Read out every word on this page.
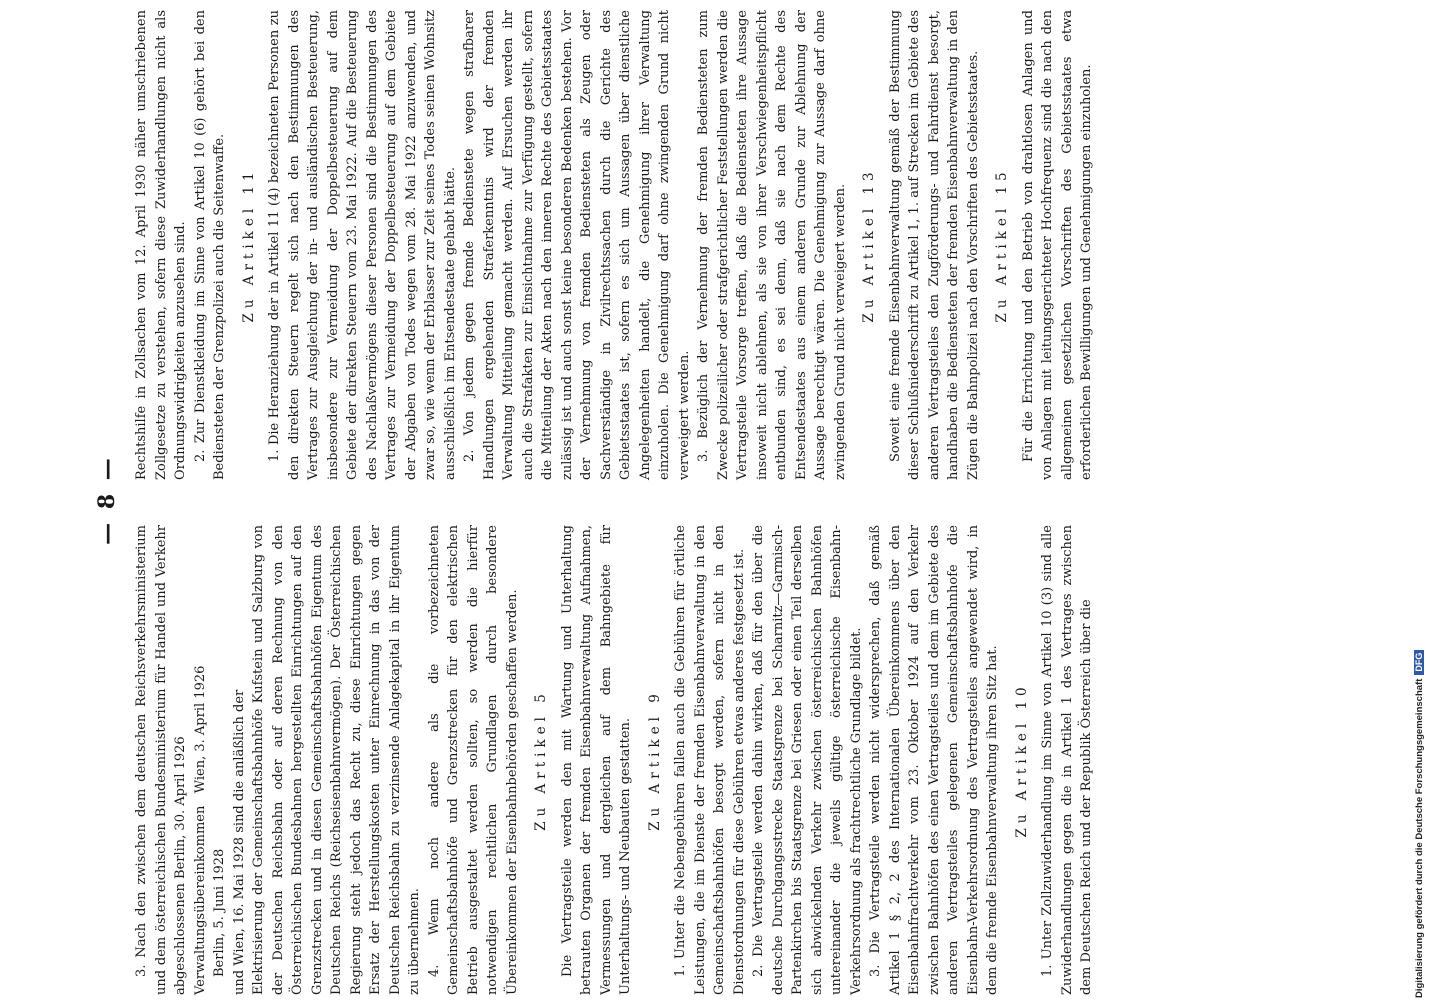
— 8 —

3. Nach den zwischen dem deutschen Reichsverkehrsministerium und dem österreichischen Bundesministerium für Handel und Verkehr abgeschlossenen Berlin, 30. April 1926 Verwaltungsübereinkommen   Wien, 3. April 1926

Berlin, 5. Juni 1928

und Wien, 16. Mai 1928 sind die anläßlich der Elektrisierung der Gemeinschaftsbahnhöfe Kufstein und Salzburg von der Deutschen Reichsbahn oder auf deren Rechnung von den Österreichischen Bundesbahnen hergestellten Einrichtungen auf den Grenzstrecken und in diesen Gemeinschaftsbahnhöfen Eigentum des Deutschen Reichs (Reichseisenbahnvermögen). Der Österreichischen Regierung steht jedoch das Recht zu, diese Einrichtungen gegen Ersatz der Herstellungskosten unter Einrechnung in das von der Deutschen Reichsbahn zu verzinsende Anlagekapital in ihr Eigentum zu übernehmen. 4. Wenn noch andere als die vorbezeichneten Gemeinschaftsbahnhöfe und Grenzstrecken für den elektrischen Betrieb ausgestaltet werden sollten, so werden die hierfür notwendigen rechtlichen Grundlagen durch besondere Übereinkommen der Eisenbahnbehörden geschaffen werden. Zu Artikel 5 Die Vertragsteile werden den mit Wartung und Unterhaltung betrauten Organen der fremden Eisenbahnverwaltung Aufnahmen, Vermessungen und dergleichen auf dem Bahngebiete für Unterhaltungs- und Neubauten gestatten. Zu Artikel 9 1. Unter die Nebengebühren fallen auch die Gebühren für örtliche Leistungen, die im Dienste der fremden Eisenbahnverwaltung in den Gemeinschaftsbahnhöfen besorgt werden, sofern nicht in den Dienstordnungen für diese Gebühren etwas anderes festgesetzt ist. 2. Die Vertragsteile werden dahin wirken, daß für den über die deutsche Durchgangsstrecke Staatsgrenze bei Scharnitz—Garmisch-Partenkirchen bis Staatsgrenze bei Griesen oder einen Teil derselben sich abwickelnden Verkehr zwischen österreichischen Bahnhöfen untereinander die jeweils gültige österreichische Eisenbahn-Verkehrsordnung als frachtrechtliche Grundlage bildet. 3. Die Vertragsteile werden nicht widersprechen, daß gemäß Artikel 1 § 2, 2 des Internationalen Übereinkommens über den Eisenbahnfrachtverkehr vom 23. Oktober 1924 auf den Verkehr zwischen Bahnhöfen des einen Vertragsteiles und dem im Gebiete des anderen Vertragsteiles gelegenen Gemeinschaftsbahnhofe die Eisenbahn-Verkehrsordnung des Vertragsteiles angewendet wird, in dem die fremde Eisenbahnverwaltung ihren Sitz hat. Zu Artikel 10 1. Unter Zollzuwiderhandlung im Sinne von Artikel 10 (3) sind alle Zuwiderhandlungen gegen die in Artikel 1 des Vertrages zwischen dem Deutschen Reich und der Republik Österreich über die

Rechtshilfe in Zollsachen vom 12. April 1930 näher umschriebenen Zollgesetze zu verstehen, sofern diese Zuwiderhandlungen nicht als Ordnungswidrigkeiten anzusehen sind. 2. Zur Dienstkleidung im Sinne von Artikel 10 (6) gehört bei den Bediensteten der Grenzpolizei auch die Seitenwaffe. Zu Artikel 11 1. Die Heranziehung der in Artikel 11 (4) bezeichneten Personen zu den direkten Steuern regelt sich nach den Bestimmungen des Vertrages zur Ausgleichung der in- und ausländischen Besteuerung, insbesondere zur Vermeidung der Doppelbesteuerung auf dem Gebiete der direkten Steuern vom 23. Mai 1922. Auf die Besteuerung des Nachlaßvermögens dieser Personen sind die Bestimmungen des Vertrages zur Vermeidung der Doppelbesteuerung auf dem Gebiete der Abgaben von Todes wegen vom 28. Mai 1922 anzuwenden, und zwar so, wie wenn der Erblasser zur Zeit seines Todes seinen Wohnsitz ausschließlich im Entsendestaate gehabt hätte. 2. Von jedem gegen fremde Bedienstete wegen strafbarer Handlungen ergehenden Straferkenntnis wird der fremden Verwaltung Mitteilung gemacht werden. Auf Ersuchen werden ihr auch die Strafakten zur Einsichtnahme zur Verfügung gestellt, sofern die Mitteilung der Akten nach den inneren Rechte des Gebietsstaates zulässig ist und auch sonst keine besonderen Bedenken bestehen. Vor der Vernehmung von fremden Bediensteten als Zeugen oder Sachverständige in Zivilrechtssachen durch die Gerichte des Gebietsstaates ist, sofern es sich um Aussagen über dienstliche Angelegenheiten handelt, die Genehmigung ihrer Verwaltung einzuholen. Die Genehmigung darf ohne zwingenden Grund nicht verweigert werden. 3. Bezüglich der Vernehmung der fremden Bediensteten zum Zwecke polizeilicher oder strafgerichtlicher Feststellungen werden die Vertragsteile Vorsorge treffen, daß die Bediensteten ihre Aussage insoweit nicht ablehnen, als sie von ihrer Verschwiegenheitspflicht entbunden sind, es sei denn, daß sie nach dem Rechte des Entsendestaates aus einem anderen Grunde zur Ablehnung der Aussage berechtigt wären. Die Genehmigung zur Aussage darf ohne zwingenden Grund nicht verweigert werden. Zu Artikel 13 Soweit eine fremde Eisenbahnverwaltung gemäß der Bestimmung dieser Schlußniederschrift zu Artikel 1, 1. auf Strecken im Gebiete des anderen Vertragsteiles den Zugförderungs- und Fahrdienst besorgt, handhaben die Bediensteten der fremden Eisenbahnverwaltung in den Zügen die Bahnpolizei nach den Vorschriften des Gebietsstaates. Zu Artikel 15 Für die Errichtung und den Betrieb von drahtlosen Anlagen und von Anlagen mit leitungsgerichteter Hochfrequenz sind die nach den allgemeinen gesetzlichen Vorschriften des Gebietsstaates etwa erforderlichen Bewilligungen und Genehmigungen einzuholen.

Digitalisierung gefördert durch die Deutsche ForschungsgemeinschaftDFG
